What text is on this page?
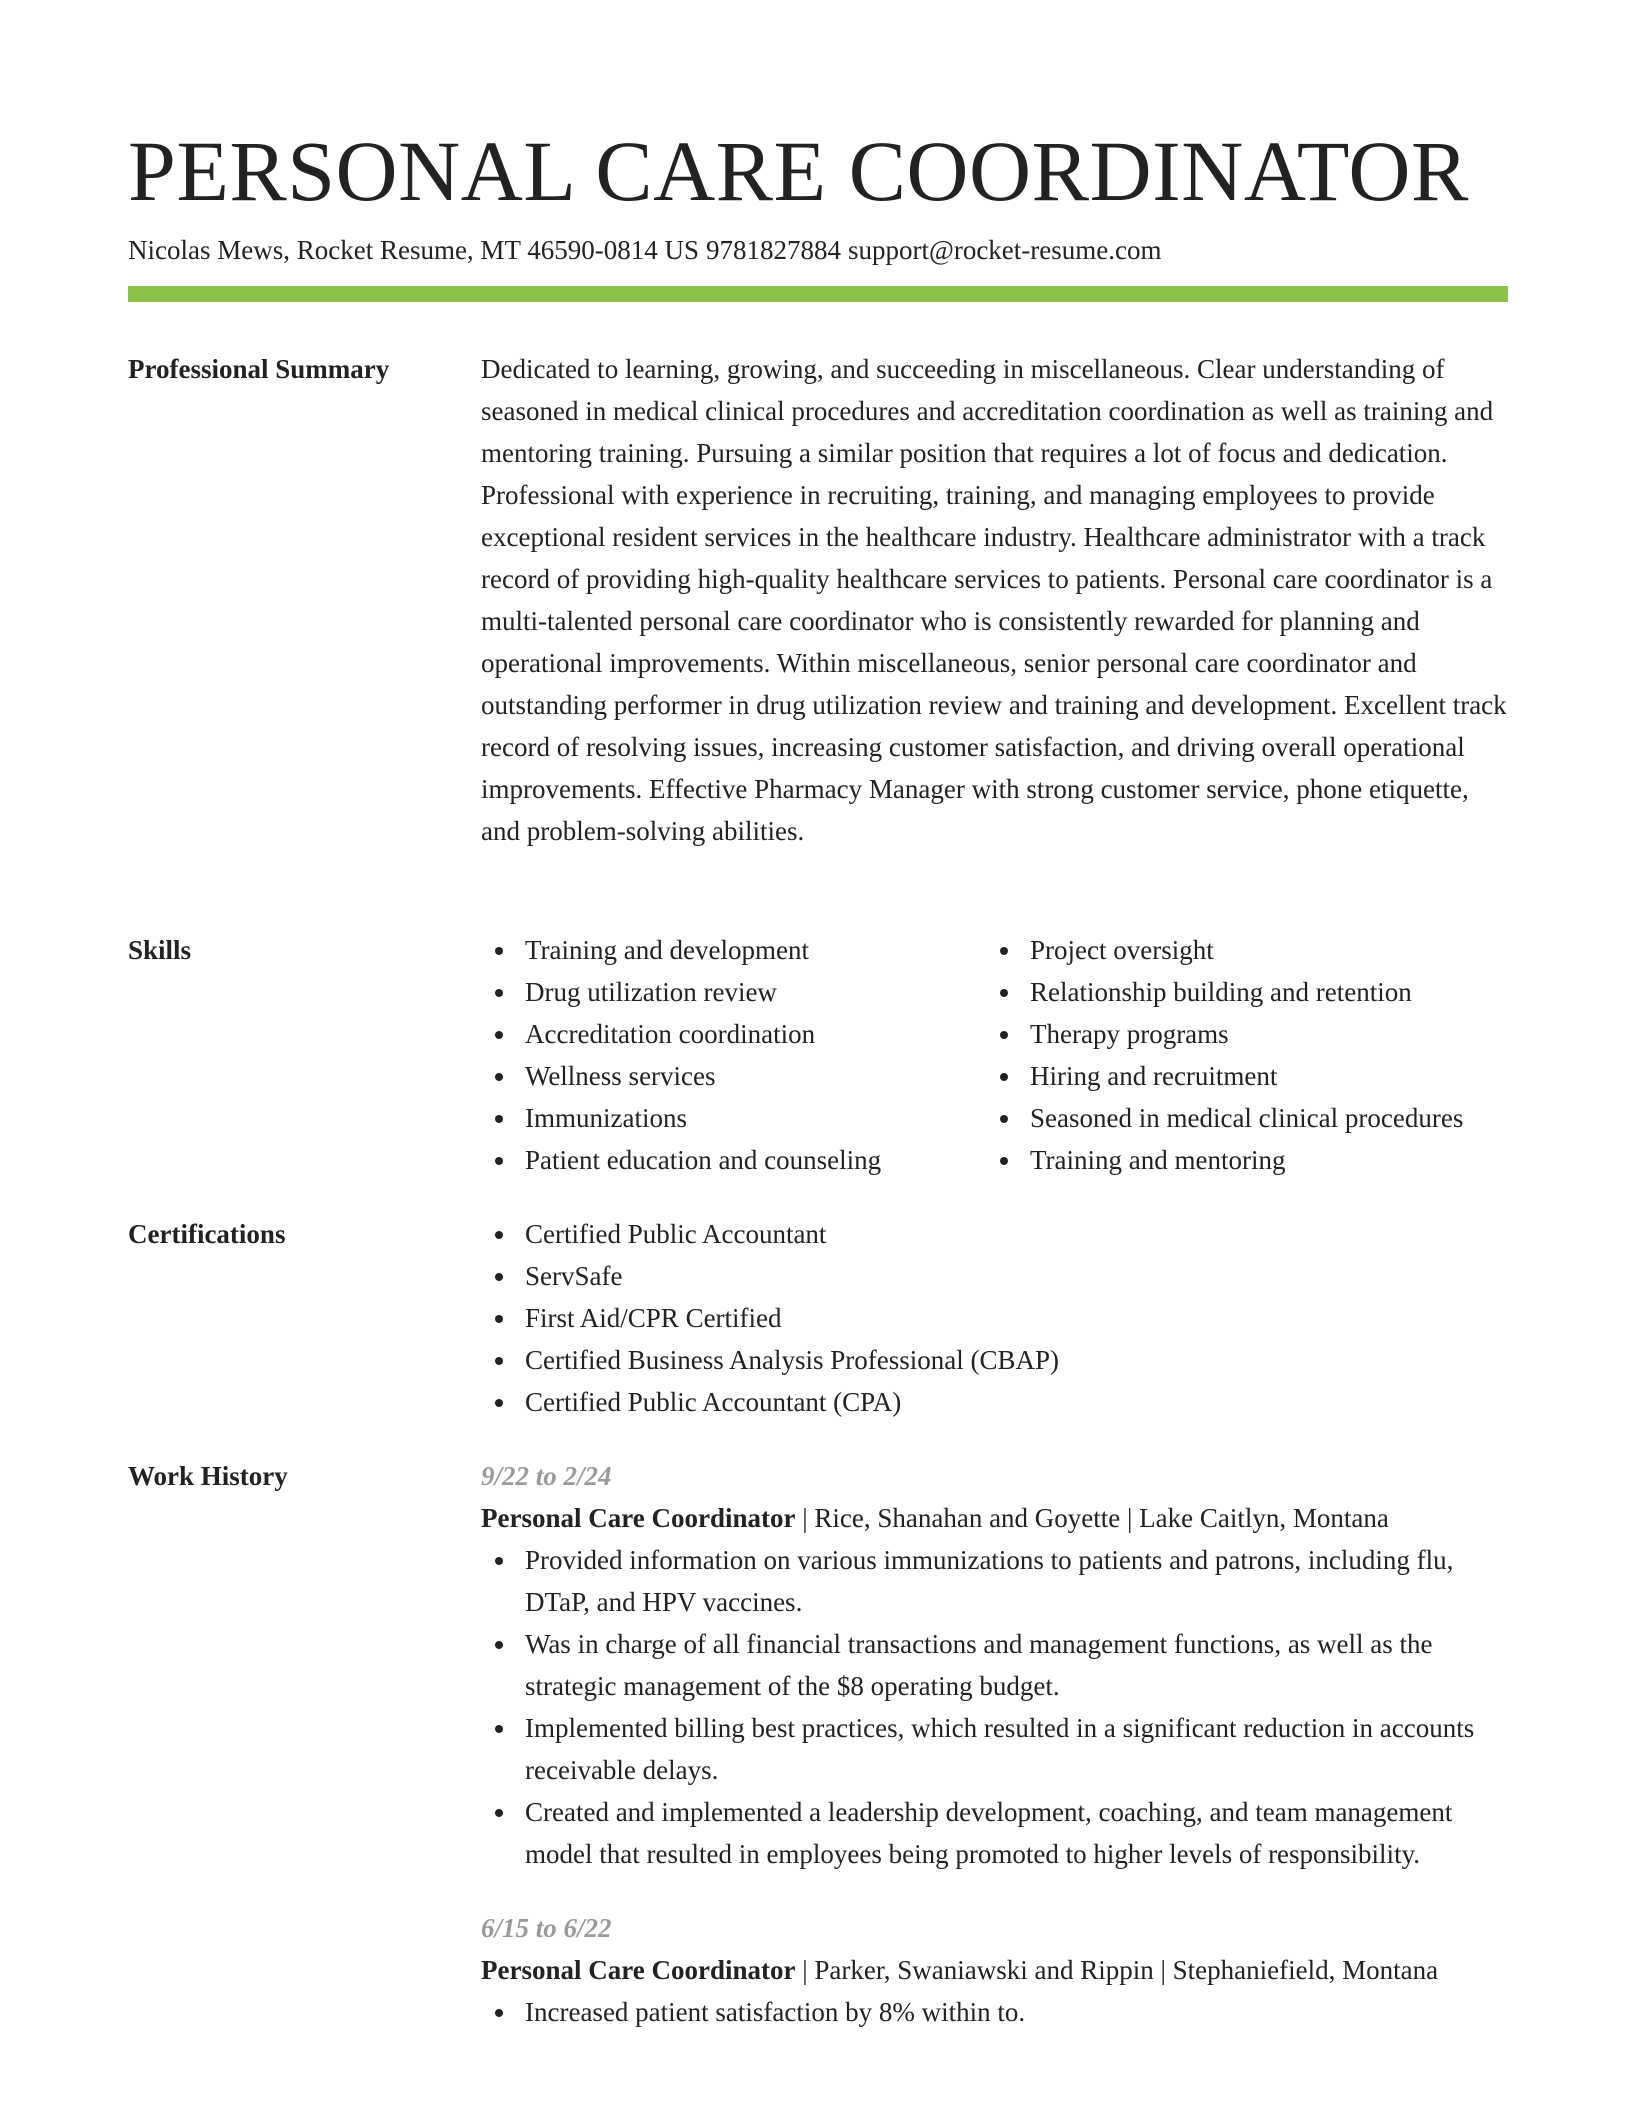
PERSONAL CARE COORDINATOR
Nicolas Mews, Rocket Resume, MT 46590-0814 US 9781827884 support@rocket-resume.com
Professional Summary	Dedicated to learning, growing, and succeeding in miscellaneous. Clear understanding of seasoned in medical clinical procedures and accreditation coordination as well as training and mentoring training. Pursuing a similar position that requires a lot of focus and dedication. Professional with experience in recruiting, training, and managing employees to provide exceptional resident services in the healthcare industry. Healthcare administrator with a track record of providing high-quality healthcare services to patients. Personal care coordinator is a multi-talented personal care coordinator who is consistently rewarded for planning and operational improvements. Within miscellaneous, senior personal care coordinator and outstanding performer in drug utilization review and training and development. Excellent track record of resolving issues, increasing customer satisfaction, and driving overall operational improvements. Effective Pharmacy Manager with strong customer service, phone etiquette, and problem-solving abilities.

Skills	Training and development
Drug utilization review
Accreditation coordination
Wellness services
Immunizations
Patient education and counseling
Project oversight
Relationship building and retention
Therapy programs
Hiring and recruitment
Seasoned in medical clinical procedures
Training and mentoring
Certifications	Certified Public Accountant
ServSafe
First Aid/CPR Certified
Certified Business Analysis Professional (CBAP)
Certified Public Accountant (CPA)
Work History	9/22 to 2/24
Personal Care Coordinator | Rice, Shanahan and Goyette | Lake Caitlyn, Montana
Provided information on various immunizations to patients and patrons, including flu, DTaP, and HPV vaccines.
Was in charge of all financial transactions and management functions, as well as the strategic management of the $8 operating budget.
Implemented billing best practices, which resulted in a significant reduction in accounts receivable delays.
Created and implemented a leadership development, coaching, and team management model that resulted in employees being promoted to higher levels of responsibility.
6/15 to 6/22
Personal Care Coordinator | Parker, Swaniawski and Rippin | Stephaniefield, Montana
Increased patient satisfaction by 8% within to.
